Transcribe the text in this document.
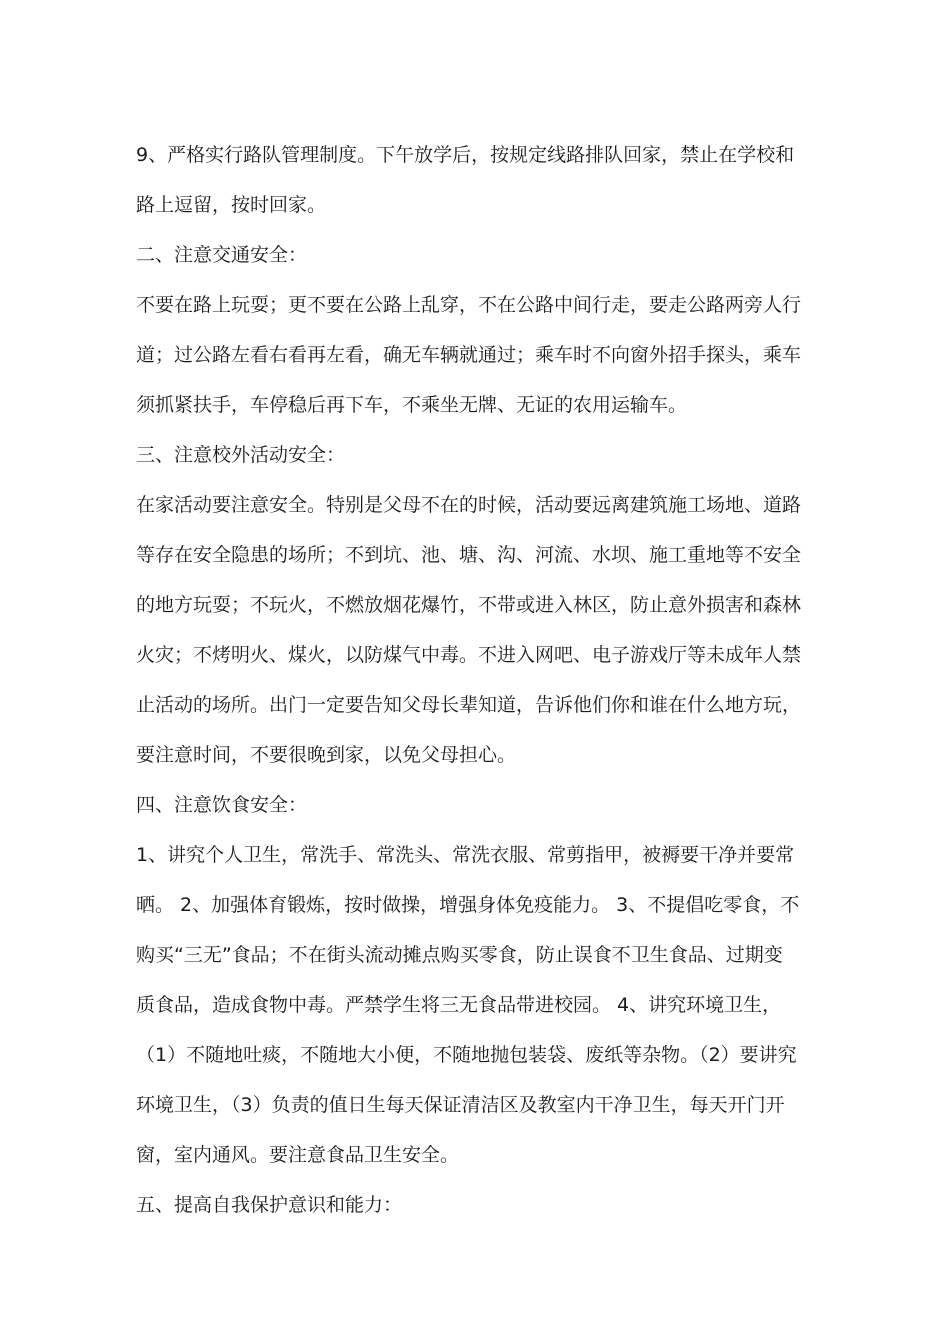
9、严格实行路队管理制度。下午放学后，按规定线路排队回家，禁止在学校和
路上逗留，按时回家。
二、注意交通安全：
不要在路上玩耍；更不要在公路上乱穿，不在公路中间行走，要走公路两旁人行
道；过公路左看右看再左看，确无车辆就通过；乘车时不向窗外招手探头，乘车
须抓紧扶手，车停稳后再下车，不乘坐无牌、无证的农用运输车。
三、注意校外活动安全：
在家活动要注意安全。特别是父母不在的时候，活动要远离建筑施工场地、道路
等存在安全隐患的场所；不到坑、池、塘、沟、河流、水坝、施工重地等不安全
的地方玩耍；不玩火，不燃放烟花爆竹，不带或进入林区，防止意外损害和森林
火灾；不烤明火、煤火，以防煤气中毒。不进入网吧、电子游戏厅等未成年人禁
止活动的场所。出门一定要告知父母长辈知道，告诉他们你和谁在什么地方玩，
要注意时间，不要很晚到家，以免父母担心。
四、注意饮食安全：
1、讲究个人卫生，常洗手、常洗头、常洗衣服、常剪指甲，被褥要干净并要常
晒。 2、加强体育锻炼，按时做操，增强身体免疫能力。 3、不提倡吃零食，不
购买“三无”食品；不在街头流动摊点购买零食，防止误食不卫生食品、过期变
质食品，造成食物中毒。严禁学生将三无食品带进校园。 4、讲究环境卫生，
（1）不随地吐痰，不随地大小便，不随地抛包装袋、废纸等杂物。（2）要讲究
环境卫生，（3）负责的值日生每天保证清洁区及教室内干净卫生，每天开门开
窗，室内通风。要注意食品卫生安全。
五、提高自我保护意识和能力：
